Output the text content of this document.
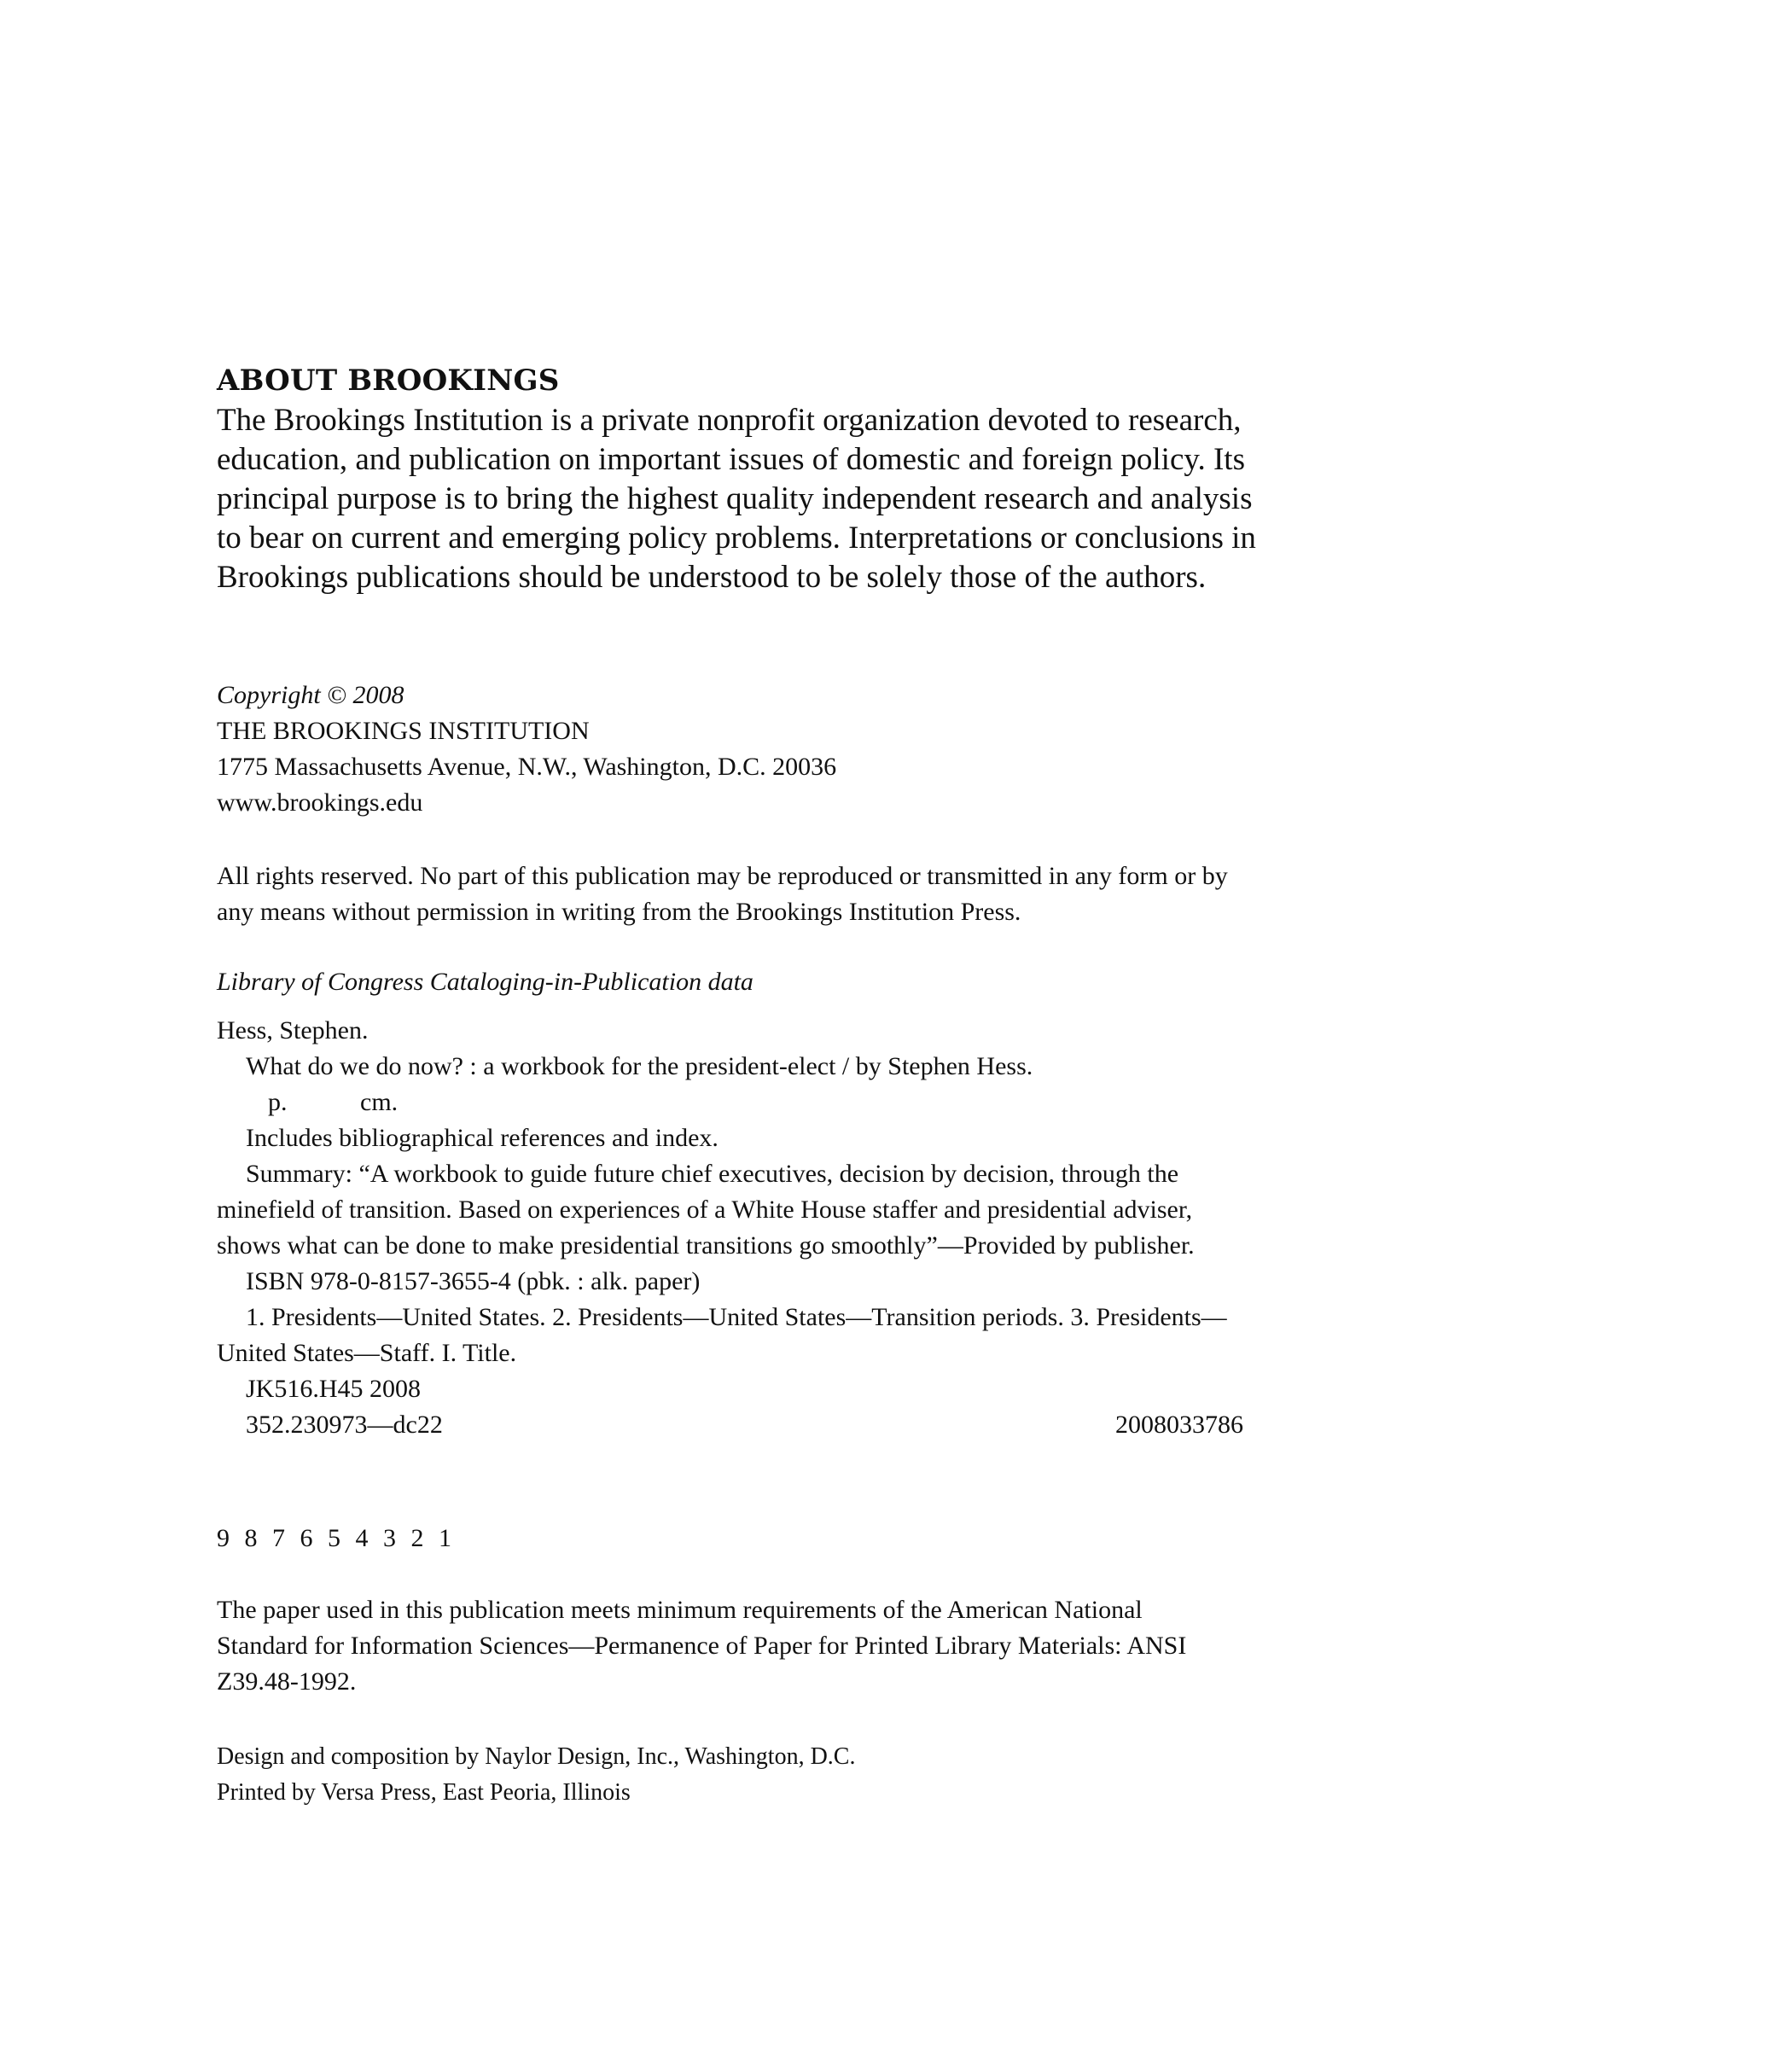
ABOUT BROOKINGS
The Brookings Institution is a private nonprofit organization devoted to research,
education, and publication on important issues of domestic and foreign policy. Its
principal purpose is to bring the highest quality independent research and analysis
to bear on current and emerging policy problems. Interpretations or conclusions in
Brookings publications should be understood to be solely those of the authors.
Copyright © 2008
THE BROOKINGS INSTITUTION
1775 Massachusetts Avenue, N.W., Washington, D.C. 20036
www.brookings.edu
All rights reserved. No part of this publication may be reproduced or transmitted in any form or by
any means without permission in writing from the Brookings Institution Press.
Library of Congress Cataloging-in-Publication data
Hess, Stephen.
What do we do now? : a workbook for the president-elect / by Stephen Hess.
p.	cm.
Includes bibliographical references and index.
Summary: “A workbook to guide future chief executives, decision by decision, through the
minefield of transition. Based on experiences of a White House staffer and presidential adviser,
shows what can be done to make presidential transitions go smoothly”—Provided by publisher.
ISBN 978-0-8157-3655-4 (pbk. : alk. paper)
1. Presidents—United States. 2. Presidents—United States—Transition periods. 3. Presidents—
United States—Staff. I. Title.
JK516.H45 2008
352.230973—dc22	2008033786
9 8 7 6 5 4 3 2 1
The paper used in this publication meets minimum requirements of the American National
Standard for Information Sciences—Permanence of Paper for Printed Library Materials: ANSI
Z39.48-1992.
Design and composition by Naylor Design, Inc., Washington, D.C.
Printed by Versa Press, East Peoria, Illinois
